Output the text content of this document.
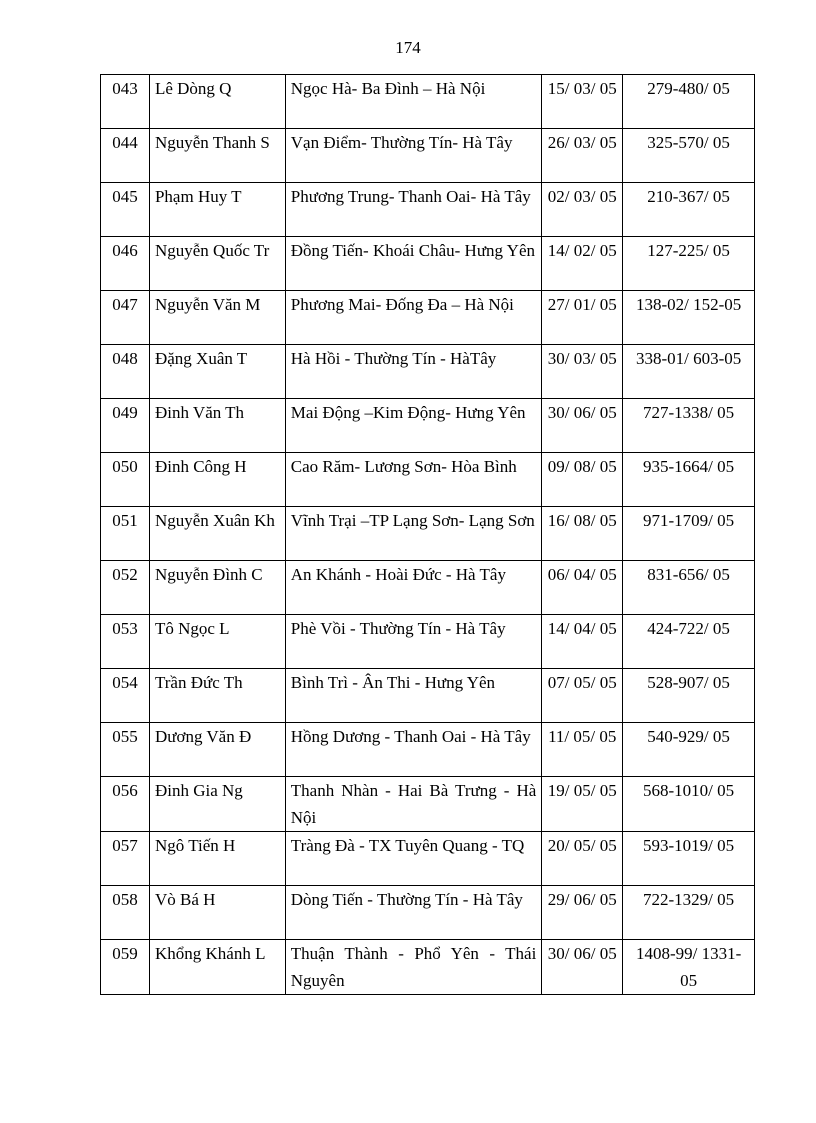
174
043	Lê Dòng Q	Ngọc Hà- Ba Đình – Hà Nội	15/ 03/ 05	279-480/ 05
044	Nguyễn Thanh S	Vạn Điểm- Thường Tín- Hà Tây	26/ 03/ 05	325-570/ 05
045	Phạm Huy T	Phương Trung- Thanh Oai- Hà Tây	02/ 03/ 05	210-367/ 05
046	Nguyễn Quốc Tr	Đồng Tiến- Khoái Châu- Hưng Yên	14/ 02/ 05	127-225/ 05
047	Nguyễn Văn M	Phương Mai- Đống Đa – Hà Nội	27/ 01/ 05	138-02/ 152-05
048	Đặng Xuân T	Hà Hồi - Thường Tín - HàTây	30/ 03/ 05	338-01/ 603-05
049	Đinh Văn Th	Mai Động –Kim Động- Hưng Yên	30/ 06/ 05	727-1338/ 05
050	Đinh Công H	Cao Răm- Lương Sơn- Hòa Bình	09/ 08/ 05	935-1664/ 05
051	Nguyễn Xuân Kh	Vĩnh Trại –TP Lạng Sơn- Lạng Sơn	16/ 08/ 05	971-1709/ 05
052	Nguyễn Đình C	An Khánh - Hoài Đức - Hà Tây	06/ 04/ 05	831-656/ 05
053	Tô Ngọc L	Phè Vồi - Thường Tín - Hà Tây	14/ 04/ 05	424-722/ 05
054	Trần Đức Th	Bình Trì - Ân Thi - Hưng Yên	07/ 05/ 05	528-907/ 05
055	Dương Văn Đ	Hồng Dương - Thanh Oai - Hà Tây	11/ 05/ 05	540-929/ 05
056	Đinh Gia Ng	Thanh Nhàn - Hai Bà Trưng - Hà Nội	19/ 05/ 05	568-1010/ 05
057	Ngô Tiến H	Tràng Đà - TX Tuyên Quang - TQ	20/ 05/ 05	593-1019/ 05
058	Vò Bá H	Dòng Tiến - Thường Tín - Hà Tây	29/ 06/ 05	722-1329/ 05
059	Khổng Khánh L	Thuận Thành - Phổ Yên - Thái Nguyên	30/ 06/ 05	1408-99/ 1331-05
